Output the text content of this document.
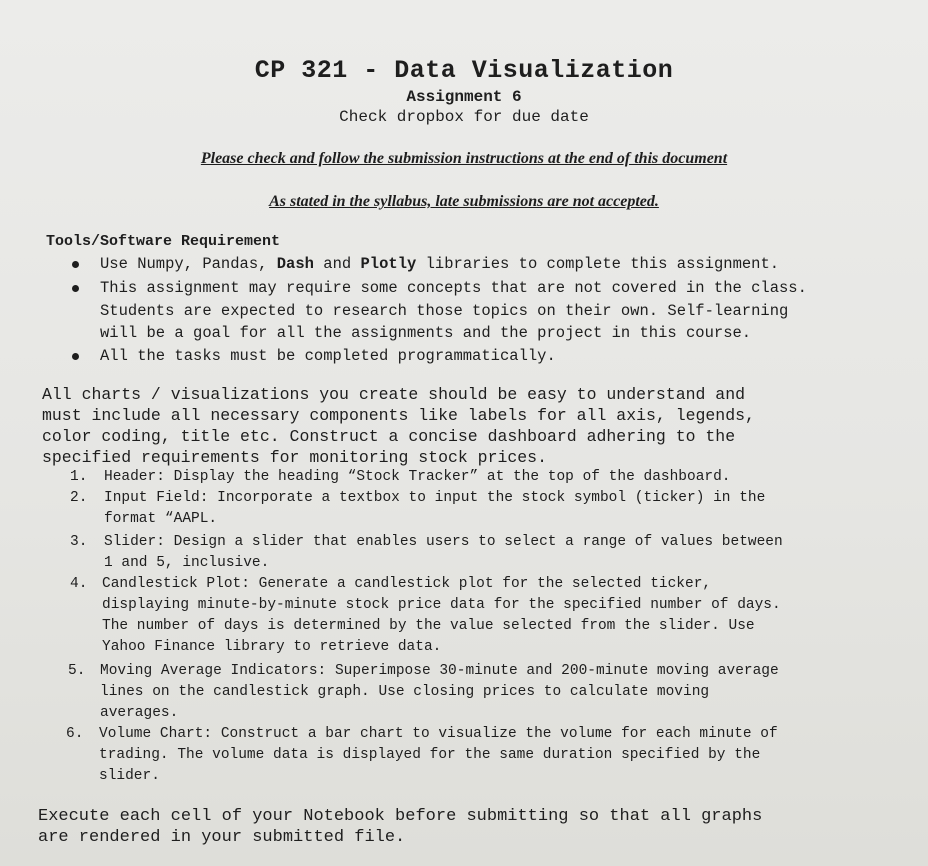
CP 321 - Data Visualization
Assignment 6
Check dropbox for due date
Please check and follow the submission instructions at the end of this document
As stated in the syllabus, late submissions are not accepted.
Tools/Software Requirement
Use Numpy, Pandas, Dash and Plotly libraries to complete this assignment.
This assignment may require some concepts that are not covered in the class.
Students are expected to research those topics on their own. Self-learning
will be a goal for all the assignments and the project in this course.
All the tasks must be completed programmatically.
All charts / visualizations you create should be easy to understand and
must include all necessary components like labels for all axis, legends,
color coding, title etc. Construct a concise dashboard adhering to the
specified requirements for monitoring stock prices.
1. Header: Display the heading “Stock Tracker” at the top of the dashboard.
2. Input Field: Incorporate a textbox to input the stock symbol (ticker) in the
format “AAPL.
3. Slider: Design a slider that enables users to select a range of values between
1 and 5, inclusive.
4. Candlestick Plot: Generate a candlestick plot for the selected ticker,
displaying minute-by-minute stock price data for the specified number of days.
The number of days is determined by the value selected from the slider. Use
Yahoo Finance library to retrieve data.
5. Moving Average Indicators: Superimpose 30-minute and 200-minute moving average
lines on the candlestick graph. Use closing prices to calculate moving
averages.
6. Volume Chart: Construct a bar chart to visualize the volume for each minute of
trading. The volume data is displayed for the same duration specified by the
slider.
Execute each cell of your Notebook before submitting so that all graphs
are rendered in your submitted file.
